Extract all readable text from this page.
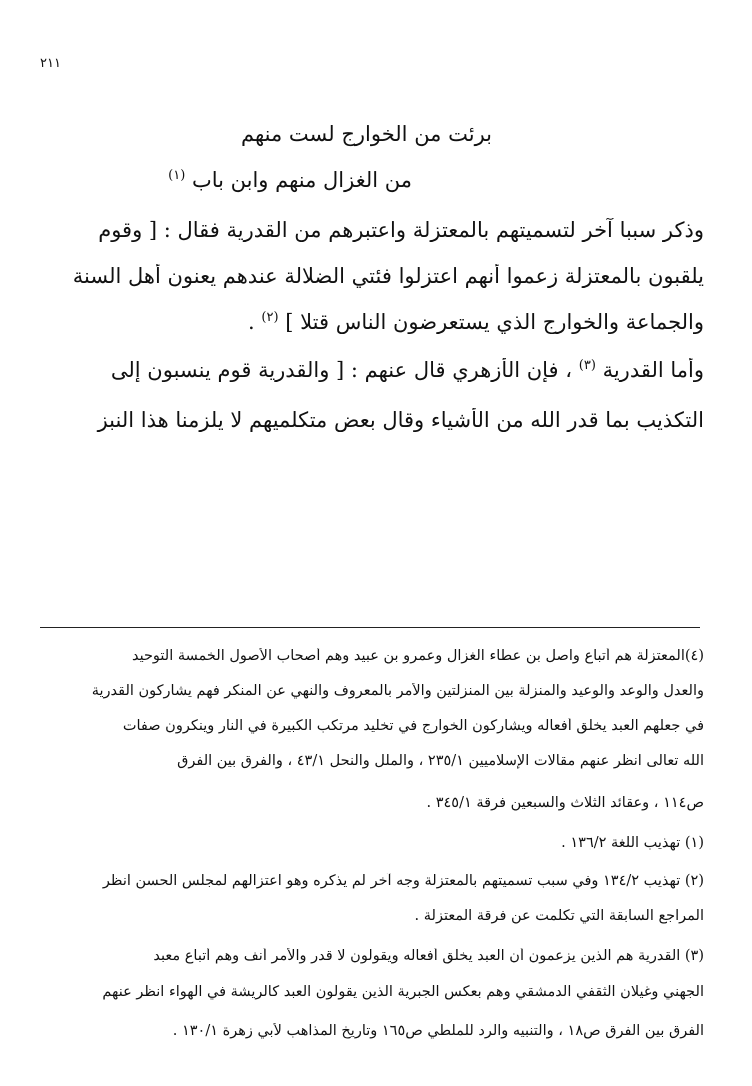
٢١١
برئت من الخوارج لست منهم
من الغزال منهم وابن باب $^{(١)}$
وذكر سببا آخر لتسميتهم بالمعتزلة واعتبرهم من القدرية فقال : [ وقوم
يلقبون بالمعتزلة زعموا أنهم اعتزلوا فئتي الضلالة عندهم يعنون أهل السنة
والجماعة والخوارج الذي يستعرضون الناس قتلا ] $^{(٢)}$ .
وأما القدرية $^{(٣)}$ ، فإن الأزهري قال عنهم : [ والقدرية قوم ينسبون إلى
التكذيب بما قدر الله من الأشياء وقال بعض متكلميهم لا يلزمنا هذا النبز
(٤)المعتزلة هم أتباع واصل بن عطاء الغزال وعمرو بن عبيد وهم أصحاب الأصول الخمسة التوحيد
والعدل والوعد والوعيد والمنزلة بين المنزلتين والأمر بالمعروف والنهي عن المنكر فهم يشاركون القدرية
في جعلهم العبد يخلق أفعاله ويشاركون الخوارج في تخليد مرتكب الكبيرة في النار وينكرون صفات
الله تعالى انظر عنهم مقالات الإسلاميين ٢٣٥/١ ، والملل والنحل ٤٣/١ ، والفرق بين الفرق
ص١١٤ ، وعقائد الثلاث والسبعين فرقة ٣٤٥/١ .
(١) تهذيب اللغة ١٣٦/٢ .
(٢) تهذيب ١٣٤/٢ وفي سبب تسميتهم بالمعتزلة وجه آخر لم يذكره وهو اعتزالهم لمجلس الحسن انظر
المراجع السابقة التي تكلمت عن فرقة المعتزلة .
(٣) القدرية هم الذين يزعمون أن العبد يخلق أفعاله ويقولون لا قدر والأمر أنف وهم أتباع معبد
الجهني وغيلان الثقفي الدمشقي وهم بعكس الجبرية الذين يقولون العبد كالريشة في الهواء انظر عنهم
الفرق بين الفرق ص١٨ ، والتنبيه والرد للملطي ص١٦٥ وتاريخ المذاهب لأبي زهرة ١٣٠/١ .
